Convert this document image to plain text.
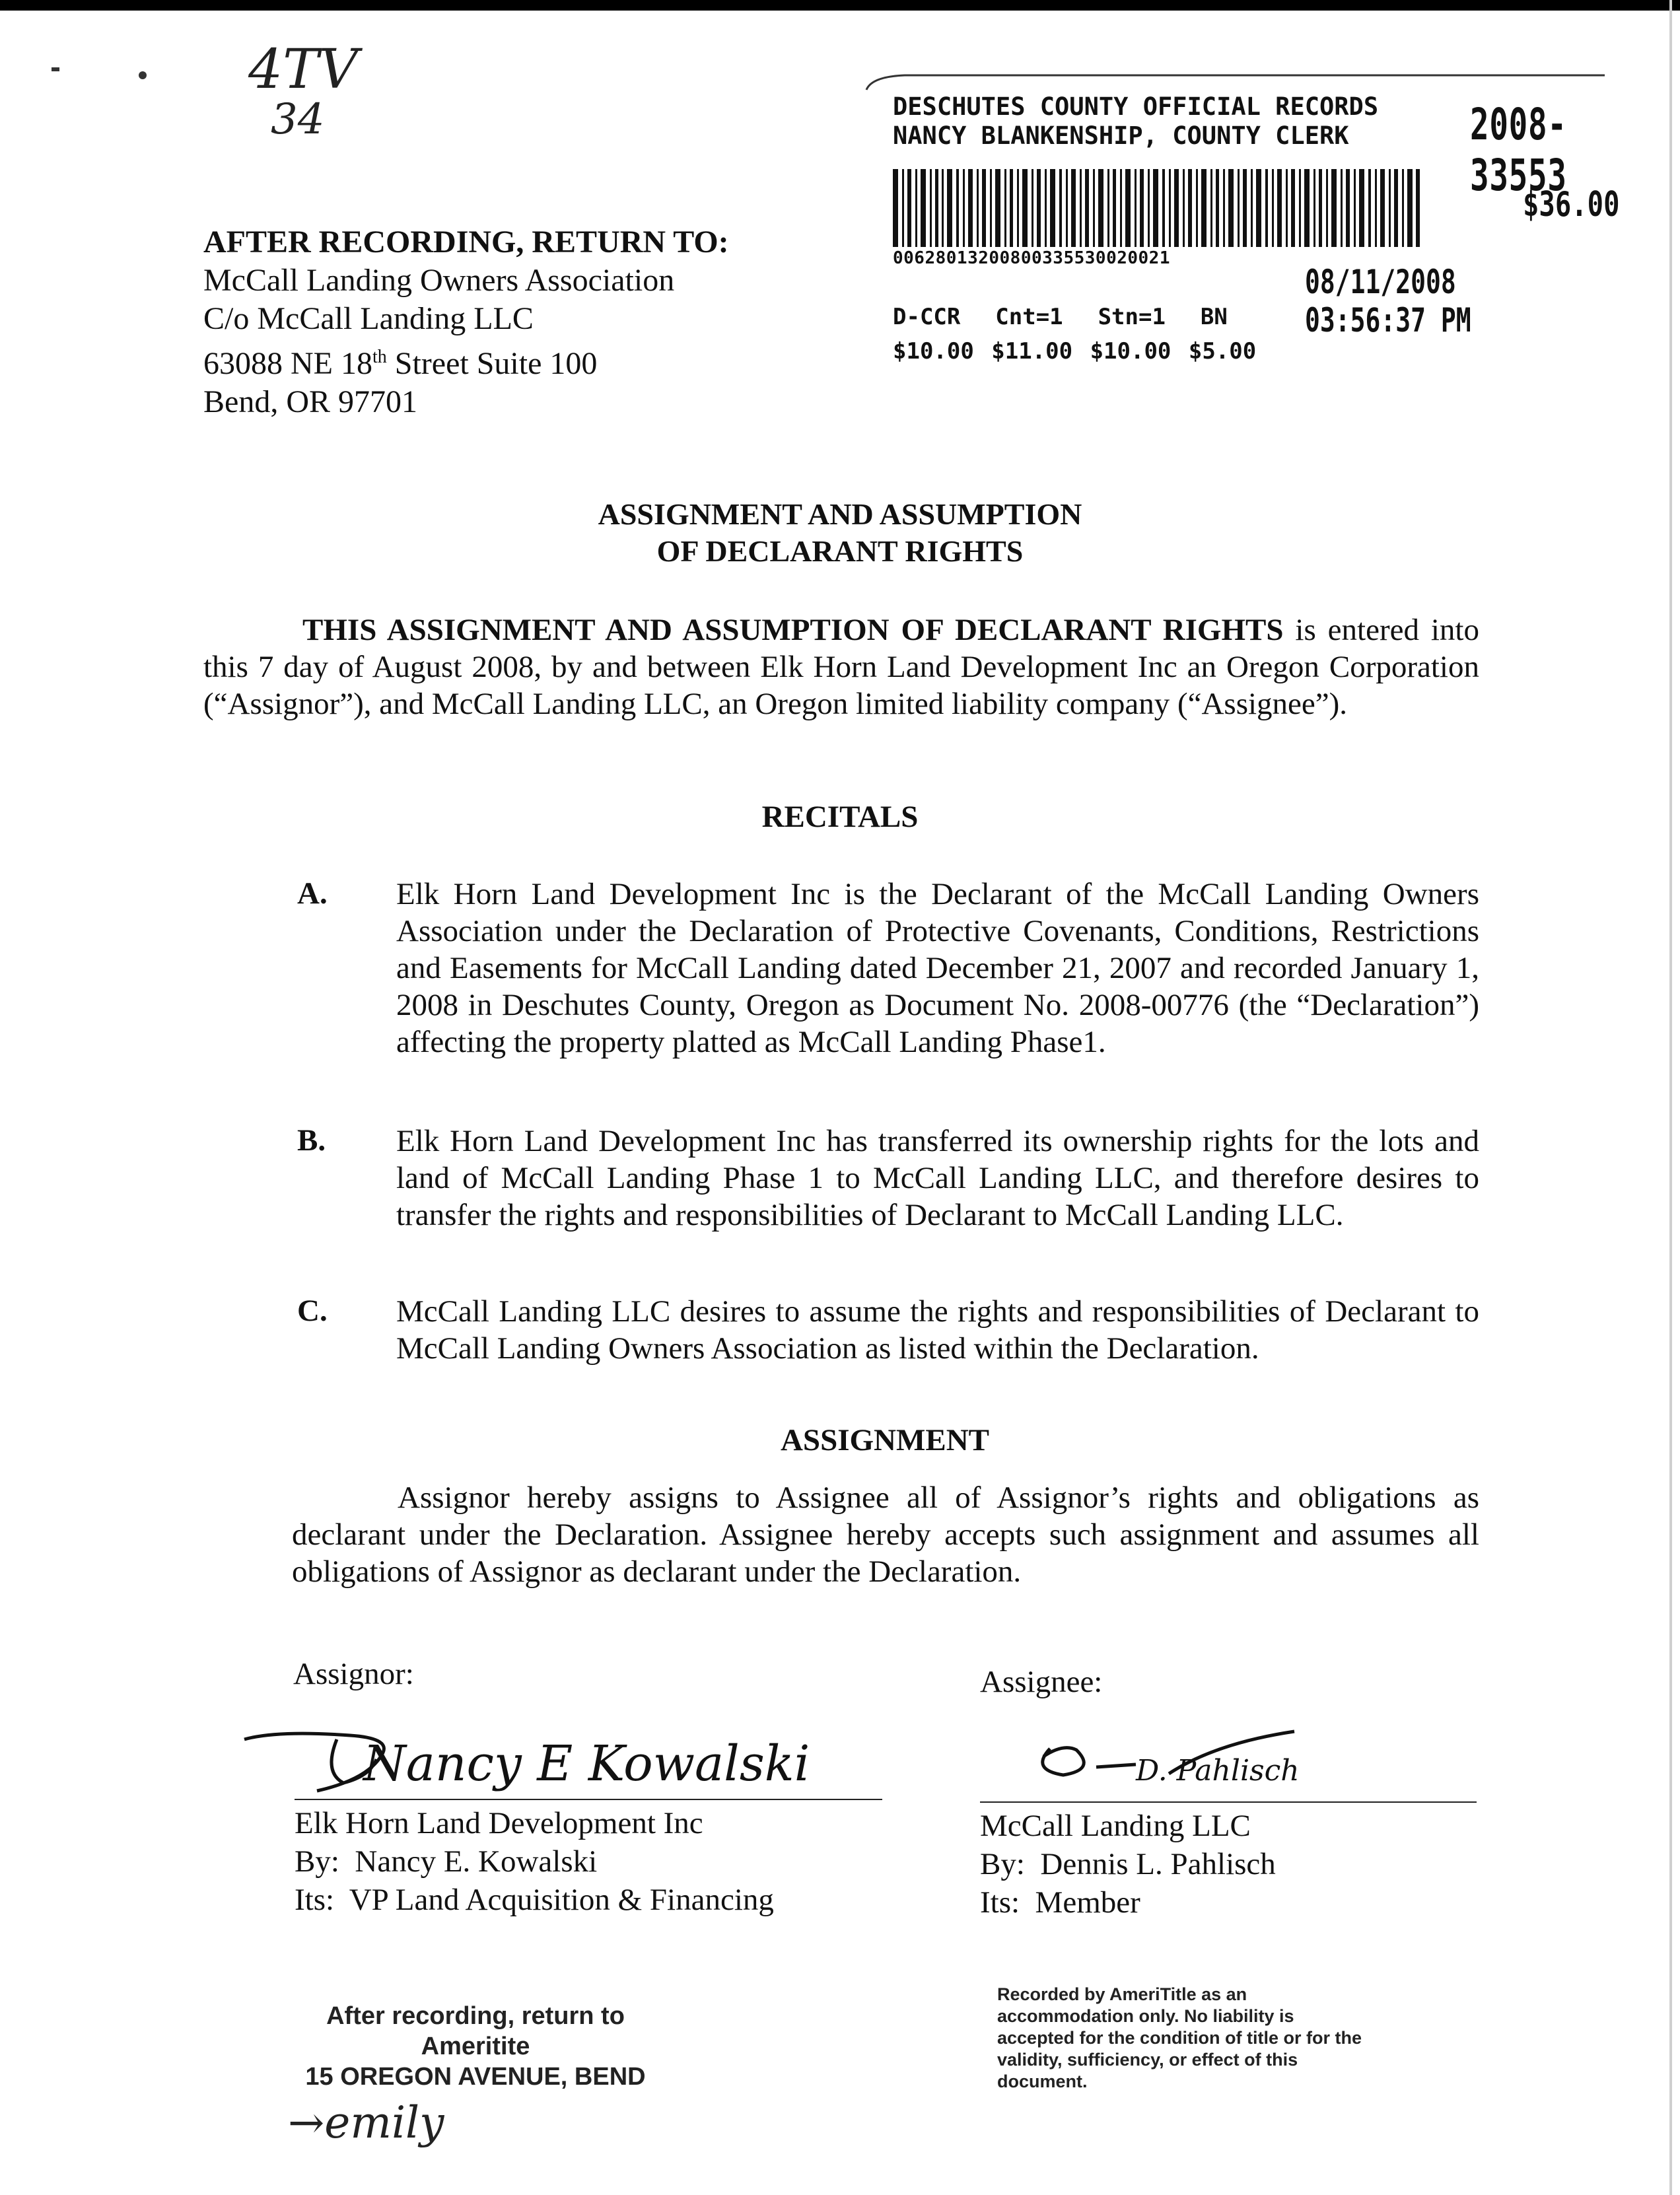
4TV
34
AFTER RECORDING, RETURN TO:
McCall Landing Owners Association
C/o McCall Landing LLC
63088 NE 18th Street Suite 100
Bend, OR 97701
DESCHUTES COUNTY OFFICIAL RECORDS
NANCY BLANKENSHIP, COUNTY CLERK	2008-33553
$36.00
00628013200800335530020021
08/11/2008 03:56:37 PM
D-CCR  Cnt=1  Stn=1  BN
$10.00 $11.00 $10.00 $5.00
ASSIGNMENT AND ASSUMPTION
OF DECLARANT RIGHTS
THIS ASSIGNMENT AND ASSUMPTION OF DECLARANT RIGHTS is entered into this 7 day of August 2008, by and between Elk Horn Land Development Inc an Oregon Corporation (“Assignor”), and McCall Landing LLC, an Oregon limited liability company (“Assignee”).
RECITALS
A. Elk Horn Land Development Inc is the Declarant of the McCall Landing Owners Association under the Declaration of Protective Covenants, Conditions, Restrictions and Easements for McCall Landing dated December 21, 2007 and recorded January 1, 2008 in Deschutes County, Oregon as Document No. 2008-00776 (the “Declaration”) affecting the property platted as McCall Landing Phase1.
B. Elk Horn Land Development Inc has transferred its ownership rights for the lots and land of McCall Landing Phase 1 to McCall Landing LLC, and therefore desires to transfer the rights and responsibilities of Declarant to McCall Landing LLC.
C. McCall Landing LLC desires to assume the rights and responsibilities of Declarant to McCall Landing Owners Association as listed within the Declaration.
ASSIGNMENT
Assignor hereby assigns to Assignee all of Assignor’s rights and obligations as declarant under the Declaration. Assignee hereby accepts such assignment and assumes all obligations of Assignor as declarant under the Declaration.
Assignor:
Nancy E Kowalski
Elk Horn Land Development Inc
By:  Nancy E. Kowalski
Its:  VP Land Acquisition & Financing
Assignee:
D. Pahlisch
McCall Landing LLC
By:  Dennis L. Pahlisch
Its:  Member
After recording, return to
Ameritite
15 OREGON AVENUE, BEND
→emily
Recorded by AmeriTitle as an accommodation only. No liability is accepted for the condition of title or for the validity, sufficiency, or effect of this document.
